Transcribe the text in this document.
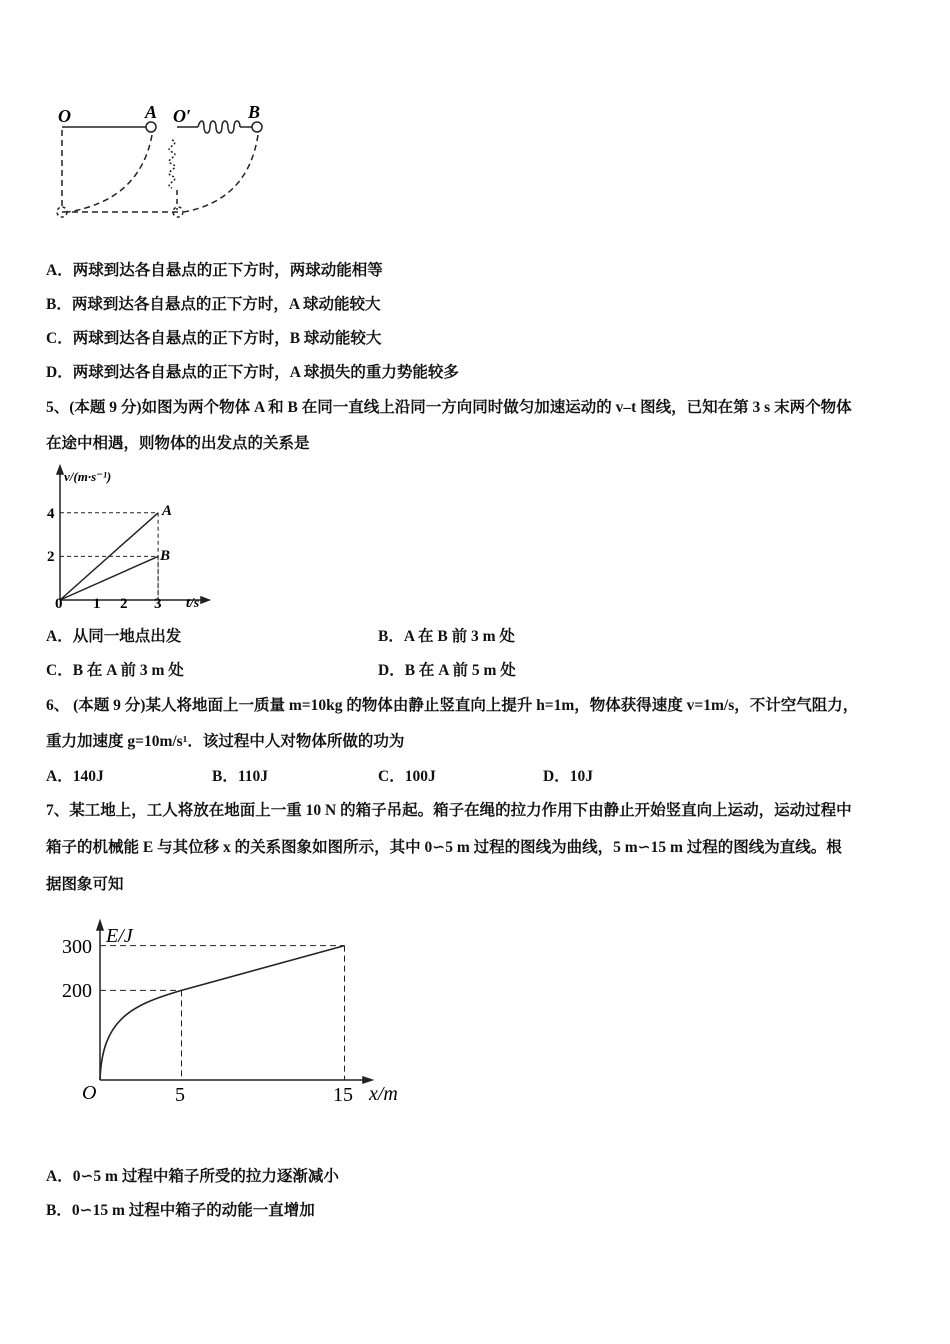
O	A O′	B
A．两球到达各自悬点的正下方时，两球动能相等
B．两球到达各自悬点的正下方时，A 球动能较大
C．两球到达各自悬点的正下方时，B 球动能较大
D．两球到达各自悬点的正下方时，A 球损失的重力势能较多
5、(本题 9 分)如图为两个物体 A 和 B 在同一直线上沿同一方向同时做匀加速运动的 v–t 图线，已知在第 3 s 末两个物体
在途中相遇，则物体的出发点的关系是
v/(m·s⁻¹)
t/s
0 1 2 3
2
4	A
B
A．从同一地点出发	B．A 在 B 前 3 m 处
C．B 在 A 前 3 m 处	D．B 在 A 前 5 m 处
6、 (本题 9 分)某人将地面上一质量 m=10kg 的物体由静止竖直向上提升 h=1m，物体获得速度 v=1m/s，不计空气阻力，
重力加速度 g=10m/s¹．该过程中人对物体所做的功为
A．140J	B．110J	C．100J	D．10J
7、某工地上，工人将放在地面上一重 10 N 的箱子吊起。箱子在绳的拉力作用下由静止开始竖直向上运动，运动过程中
箱子的机械能 E 与其位移 x 的关系图象如图所示，其中 0∽5 m 过程的图线为曲线，5 m∽15 m 过程的图线为直线。根
据图象可知
E/J
x/m
O	5	15
200
300
A．0∽5 m 过程中箱子所受的拉力逐渐减小
B．0∽15 m 过程中箱子的动能一直增加
